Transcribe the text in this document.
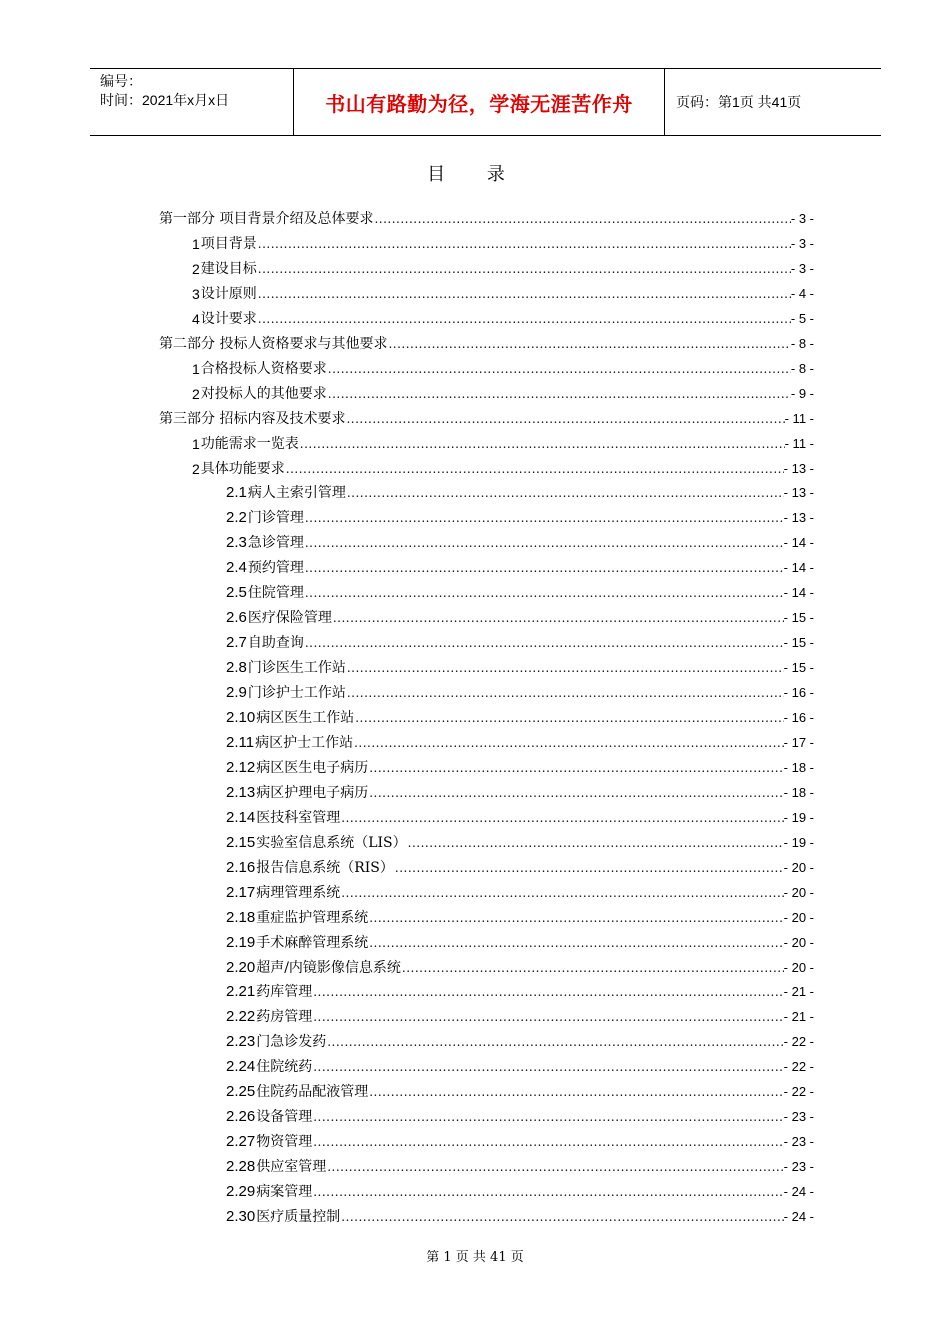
编号：
时间：2021年x月x日	书山有路勤为径，学海无涯苦作舟	页码：第1页 共41页
目 录
第一部分 项目背景介绍及总体要求 .....	- 3 -
1 项目背景 .....	- 3 -
2 建设目标 .....	- 3 -
3 设计原则 .....	- 4 -
4 设计要求 .....	- 5 -
第二部分 投标人资格要求与其他要求 .....	- 8 -
1 合格投标人资格要求 .....	- 8 -
2 对投标人的其他要求 .....	- 9 -
第三部分 招标内容及技术要求 .....	- 11 -
1 功能需求一览表 .....	- 11 -
2 具体功能要求 .....	- 13 -
2.1 病人主索引管理 .....	- 13 -
2.2 门诊管理 .....	- 13 -
2.3 急诊管理 .....	- 14 -
2.4 预约管理 .....	- 14 -
2.5 住院管理 .....	- 14 -
2.6 医疗保险管理 .....	- 15 -
2.7 自助查询 .....	- 15 -
2.8 门诊医生工作站 .....	- 15 -
2.9 门诊护士工作站 .....	- 16 -
2.10 病区医生工作站 .....	- 16 -
2.11 病区护士工作站 .....	- 17 -
2.12 病区医生电子病历 .....	- 18 -
2.13 病区护理电子病历 .....	- 18 -
2.14 医技科室管理 .....	- 19 -
2.15 实验室信息系统（LIS） .....	- 19 -
2.16 报告信息系统（RIS） .....	- 20 -
2.17 病理管理系统 .....	- 20 -
2.18 重症监护管理系统 .....	- 20 -
2.19 手术麻醉管理系统 .....	- 20 -
2.20 超声/内镜影像信息系统 .....	- 20 -
2.21 药库管理 .....	- 21 -
2.22 药房管理 .....	- 21 -
2.23 门急诊发药 .....	- 22 -
2.24 住院统药 .....	- 22 -
2.25 住院药品配液管理 .....	- 22 -
2.26 设备管理 .....	- 23 -
2.27 物资管理 .....	- 23 -
2.28 供应室管理 .....	- 23 -
2.29 病案管理 .....	- 24 -
2.30 医疗质量控制 .....	- 24 -
第 1 页 共 41 页
